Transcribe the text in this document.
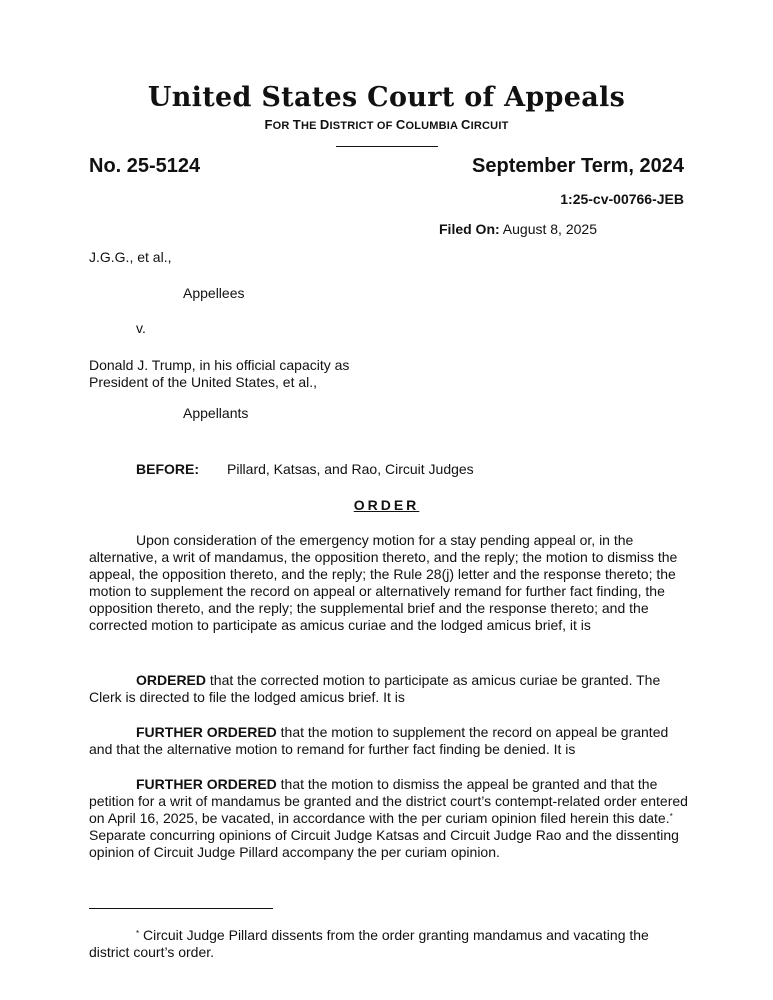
United States Court of Appeals
FOR THE DISTRICT OF COLUMBIA CIRCUIT
No. 25-5124	September Term, 2024
1:25-cv-00766-JEB
Filed On: August 8, 2025
J.G.G., et al.,
Appellees
v.
Donald J. Trump, in his official capacity as
President of the United States, et al.,
Appellants
BEFORE: Pillard, Katsas, and Rao, Circuit Judges
ORDER

Upon consideration of the emergency motion for a stay pending appeal or, in the alternative, a writ of mandamus, the opposition thereto, and the reply; the motion to dismiss the appeal, the opposition thereto, and the reply; the Rule 28(j) letter and the response thereto; the motion to supplement the record on appeal or alternatively remand for further fact finding, the opposition thereto, and the reply; the supplemental brief and the response thereto; and the corrected motion to participate as amicus curiae and the lodged amicus brief, it is

ORDERED that the corrected motion to participate as amicus curiae be granted. The Clerk is directed to file the lodged amicus brief. It is

FURTHER ORDERED that the motion to supplement the record on appeal be granted and that the alternative motion to remand for further fact finding be denied. It is

FURTHER ORDERED that the motion to dismiss the appeal be granted and that the petition for a writ of mandamus be granted and the district court’s contempt-related order entered on April 16, 2025, be vacated, in accordance with the per curiam opinion filed herein this date.* Separate concurring opinions of Circuit Judge Katsas and Circuit Judge Rao and the dissenting opinion of Circuit Judge Pillard accompany the per curiam opinion.

* Circuit Judge Pillard dissents from the order granting mandamus and vacating the district court’s order.
